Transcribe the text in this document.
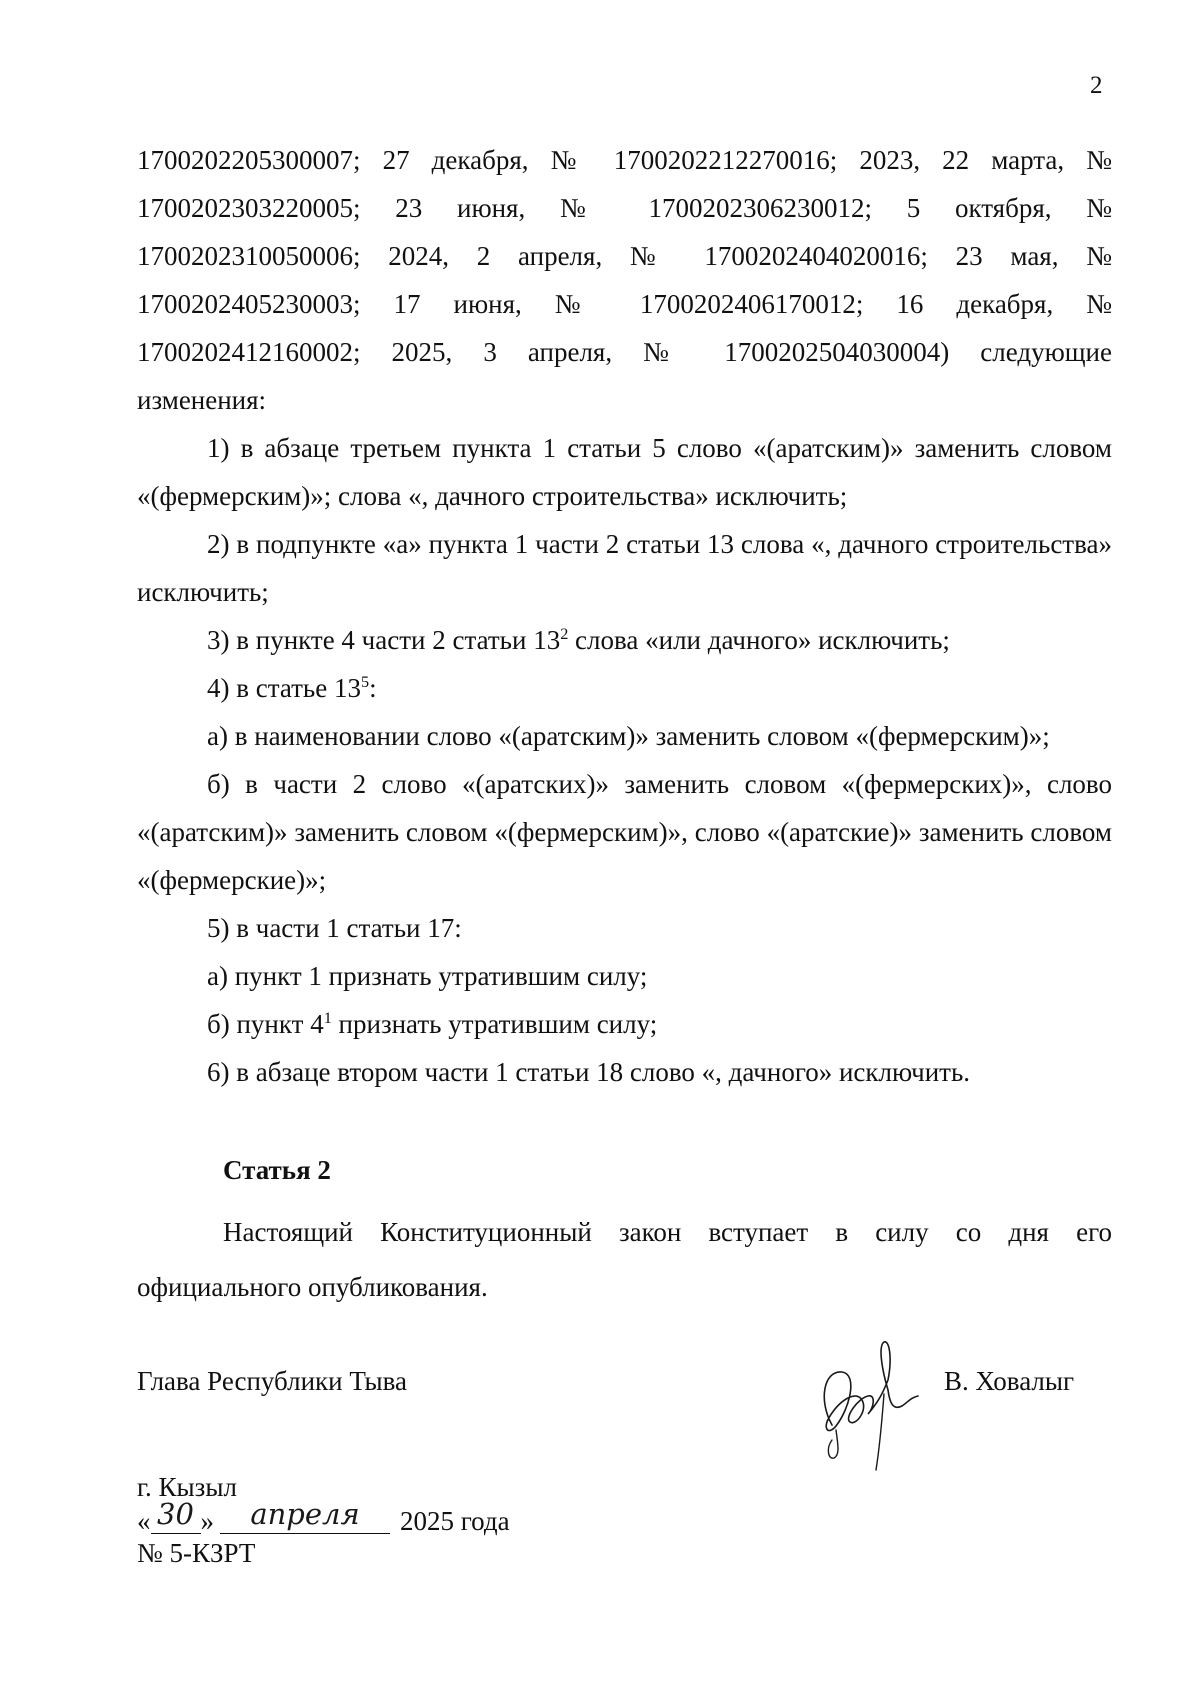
2

1700202205300007; 27 декабря, № 1700202212270016; 2023, 22 марта, №

1700202303220005; 23 июня, № 1700202306230012; 5 октября, №

1700202310050006; 2024, 2 апреля, № 1700202404020016; 23 мая, №

1700202405230003; 17 июня, № 1700202406170012; 16 декабря, №

1700202412160002; 2025, 3 апреля, № 1700202504030004) следующие

изменения:

1) в абзаце третьем пункта 1 статьи 5 слово «(аратским)» заменить словом «(фермерским)»; слова «, дачного строительства» исключить;

2) в подпункте «а» пункта 1 части 2 статьи 13 слова «, дачного строительства» исключить;

3) в пункте 4 части 2 статьи $13^2$ слова «или дачного» исключить;

4) в статье $13^5$:

а) в наименовании слово «(аратским)» заменить словом «(фермерским)»;

б) в части 2 слово «(аратских)» заменить словом «(фермерских)», слово «(аратским)» заменить словом «(фермерским)», слово «(аратские)» заменить словом «(фермерские)»;

5) в части 1 статьи 17:

а) пункт 1 признать утратившим силу;

б) пункт $4^1$ признать утратившим силу;

6) в абзаце втором части 1 статьи 18 слово «, дачного» исключить.

Статья 2

Настоящий Конституционный закон вступает в силу со дня его официального опубликования.

Глава Республики Тыва	В. Ховалыг
г. Кызыл
« 30 » апреля 2025 года
№ 5-КЗРТ
